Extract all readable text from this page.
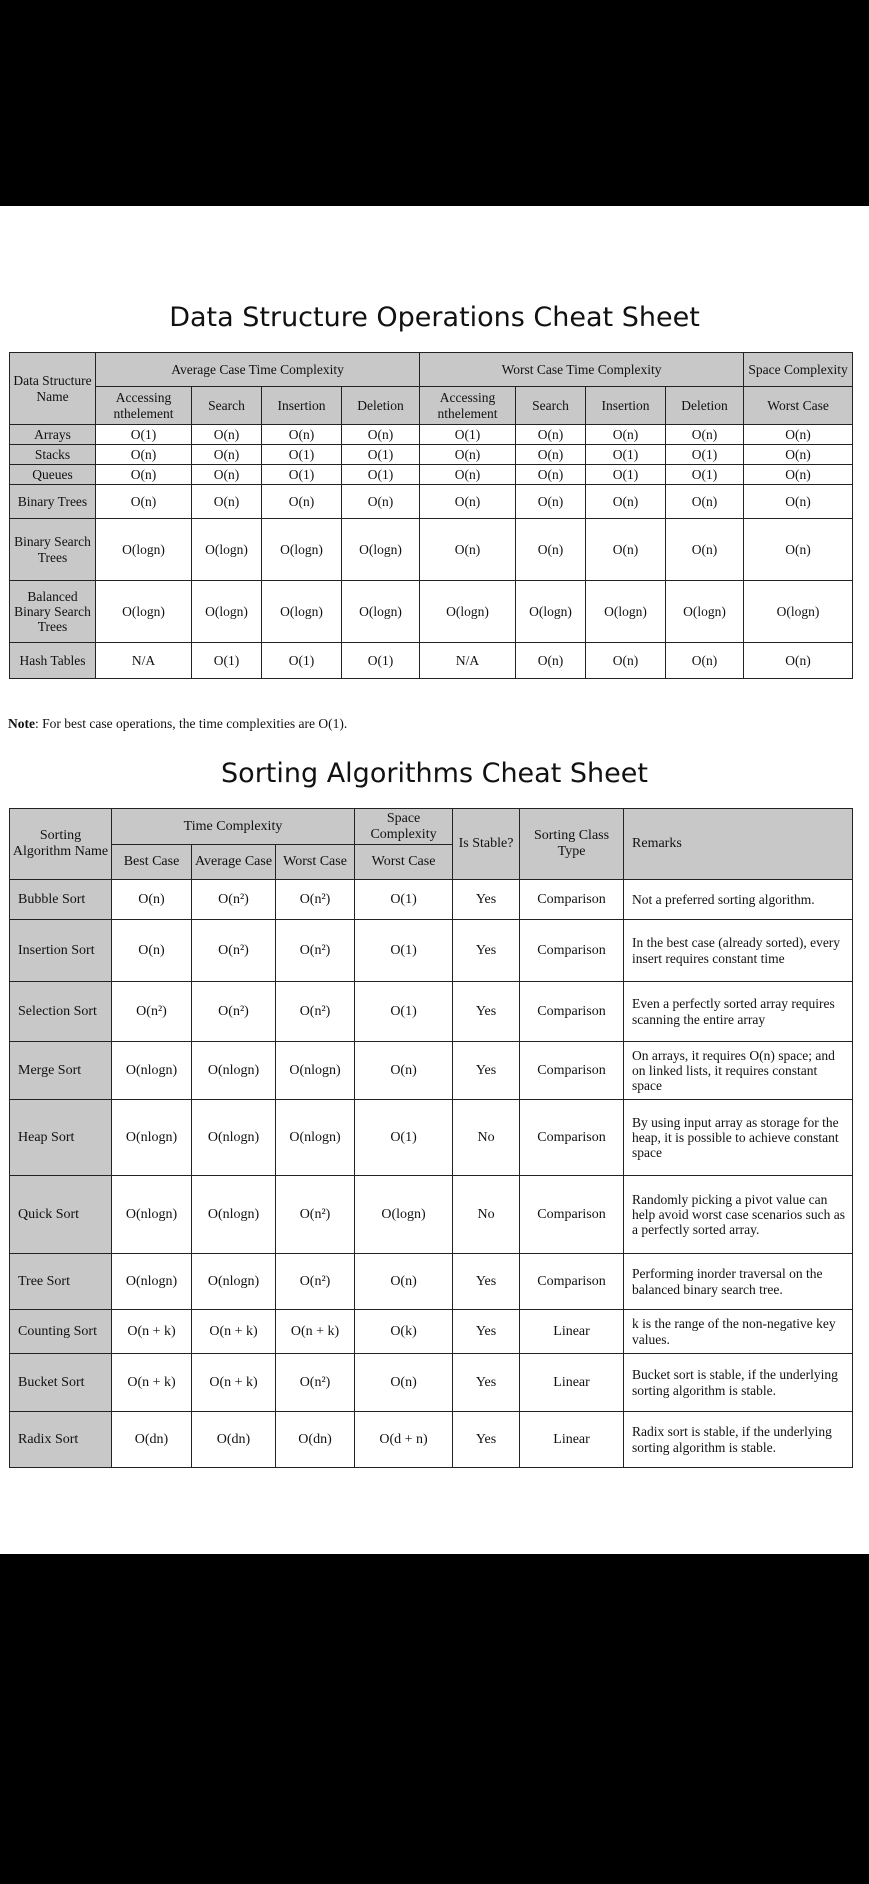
Data Structure Operations Cheat Sheet
Data Structure Name	Average Case Time Complexity				Worst Case Time Complexity				Space Complexity
	Accessing nthelement	Search	Insertion	Deletion	Accessing nthelement	Search	Insertion	Deletion	Worst Case
Arrays	O(1)	O(n)	O(n)	O(n)	O(1)	O(n)	O(n)	O(n)	O(n)
Stacks	O(n)	O(n)	O(1)	O(1)	O(n)	O(n)	O(1)	O(1)	O(n)
Queues	O(n)	O(n)	O(1)	O(1)	O(n)	O(n)	O(1)	O(1)	O(n)
Binary Trees	O(n)	O(n)	O(n)	O(n)	O(n)	O(n)	O(n)	O(n)	O(n)
Binary Search Trees	O(logn)	O(logn)	O(logn)	O(logn)	O(n)	O(n)	O(n)	O(n)	O(n)
Balanced Binary Search Trees	O(logn)	O(logn)	O(logn)	O(logn)	O(logn)	O(logn)	O(logn)	O(logn)	O(logn)
Hash Tables	N/A	O(1)	O(1)	O(1)	N/A	O(n)	O(n)	O(n)	O(n)
Note: For best case operations, the time complexities are O(1).
Sorting Algorithms Cheat Sheet
Sorting Algorithm Name	Time Complexity			Space Complexity	Is Stable?	Sorting Class Type	Remarks
	Best Case	Average Case	Worst Case	Worst Case			
Bubble Sort	O(n)	O(n²)	O(n²)	O(1)	Yes	Comparison	Not a preferred sorting algorithm.
Insertion Sort	O(n)	O(n²)	O(n²)	O(1)	Yes	Comparison	In the best case (already sorted), every insert requires constant time
Selection Sort	O(n²)	O(n²)	O(n²)	O(1)	Yes	Comparison	Even a perfectly sorted array requires scanning the entire array
Merge Sort	O(nlogn)	O(nlogn)	O(nlogn)	O(n)	Yes	Comparison	On arrays, it requires O(n) space; and on linked lists, it requires constant space
Heap Sort	O(nlogn)	O(nlogn)	O(nlogn)	O(1)	No	Comparison	By using input array as storage for the heap, it is possible to achieve constant space
Quick Sort	O(nlogn)	O(nlogn)	O(n²)	O(logn)	No	Comparison	Randomly picking a pivot value can help avoid worst case scenarios such as a perfectly sorted array.
Tree Sort	O(nlogn)	O(nlogn)	O(n²)	O(n)	Yes	Comparison	Performing inorder traversal on the balanced binary search tree.
Counting Sort	O(n + k)	O(n + k)	O(n + k)	O(k)	Yes	Linear	k is the range of the non-negative key values.
Bucket Sort	O(n + k)	O(n + k)	O(n²)	O(n)	Yes	Linear	Bucket sort is stable, if the underlying sorting algorithm is stable.
Radix Sort	O(dn)	O(dn)	O(dn)	O(d + n)	Yes	Linear	Radix sort is stable, if the underlying sorting algorithm is stable.
